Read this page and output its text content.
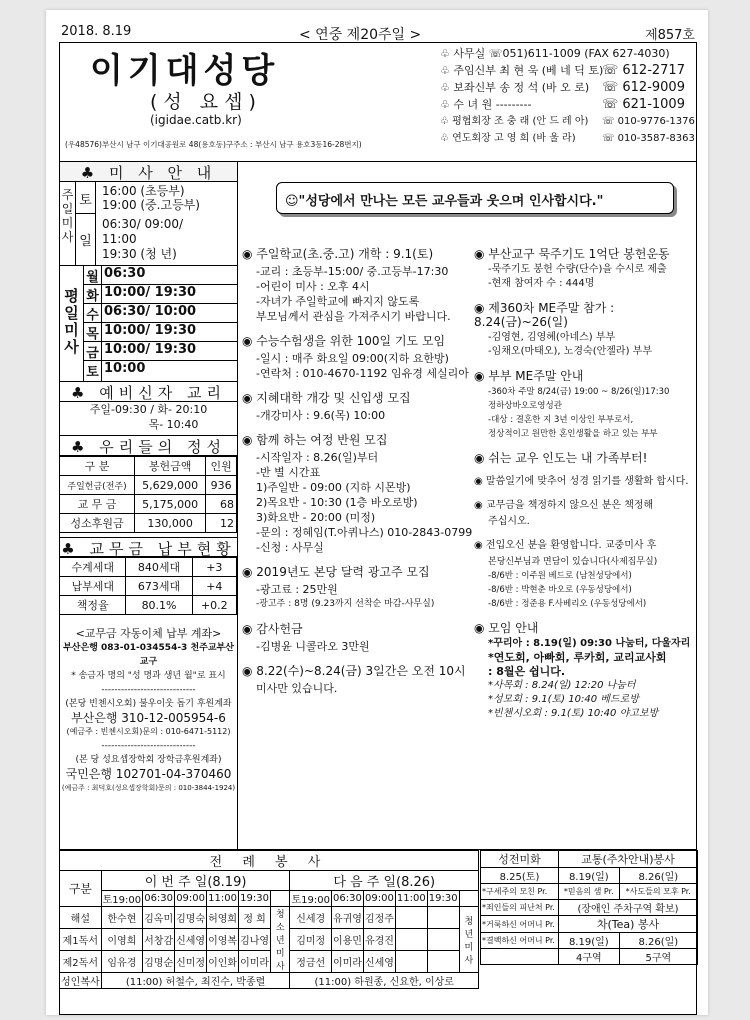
2018. 8.19	< 연중 제20주일 >	제857호
이기대성당
(성 요셉)
(igidae.catb.kr)
(우48576)부산시 남구 이기대공원로 48(용호동)구주소 : 부산시 남구 용호3동16-28번지)
♧ 사무실 ☏051)611-1009 (FAX 627-4030)
♧ 주임신부 최 현 욱 (베 네 딕 토)
☏ 612-2717
♧ 보좌신부 송 정 석 (바 오 로) ☏ 612-9009
♧ 수 녀 원 ---------	☏ 621-1009
♧ 평협회장 조 충 래 (안 드 레 아) ☏ 010-9776-1376
♧ 연도회장 고 영 희 (바 울 라)	☏ 010-3587-8363
♣ 미 사 안 내
주일미사
토
16:00 (초등부)
19:00 (중.고등부)
일
06:30/ 09:00/
11:00
19:30 (청 년)
평일미사
월 06:30
화 10:00/ 19:30
수 06:30/ 10:00
목 10:00/ 19:30
금 10:00/ 19:30
토 10:00
♣ 예비신자 교리
주일-09:30 / 화- 20:10
목- 10:40
♣ 우리들의 정성
구 분	봉헌금액	인원
주일헌금(전주)	5,629,000	936
교 무 금	5,175,000	68
성소후원금	130,000	12
♣ 교무금 납부현황
수계세대	840세대	+3
납부세대	673세대	+4
책정율	80.1%	+0.2
<교무금 자동이체 납부 계좌>
부산은행 083-01-034554-3 천주교부산교구
* 송금자 명의 "성 명과 생년 월"로 표시
-----------------------------
(본당 빈첸시오회) 불우이웃 돕기 후원계좌
부산은행 310-12-005954-6
(예금주 : 빈첸시오회)문의 : 010-6471-5112)
-----------------------------
(본 당 성요셉장학회 장학금후원계좌)
국민은행 102701-04-370460
(예금주 : 최덕호(성요셉장학회)문의 : 010-3844-1924)
☺"성당에서 만나는 모든 교우들과 웃으며 인사합시다."
◉ 주일학교(초.중.고) 개학 : 9.1(토)
-교리 : 초등부-15:00/ 중.고등부-17:30
-어린이 미사 : 오후 4시
-자녀가 주일학교에 빠지지 않도록
부모님께서 관심을 가져주시기 바랍니다.
◉ 수능수험생을 위한 100일 기도 모임
-일시 : 매주 화요일 09:00(지하 요한방)
-연락처 : 010-4670-1192 임유경 세실리아
◉ 지혜대학 개강 및 신입생 모집
-개강미사 : 9.6(목) 10:00
◉ 함께 하는 여정 반원 모집
-시작일자 : 8.26(일)부터
-반 별 시간표
1)주일반 - 09:00 (지하 시몬방)
2)목요반 - 10:30 (1층 바오로방)
3)화요반 - 20:00 (미정)
-문의 : 정혜임(T.아퀴나스) 010-2843-0799
-신청 : 사무실
◉ 2019년도 본당 달력 광고주 모집
-광고료 : 25만원
-광고주 : 8명 (9.23까지 선착순 마감-사무실)
◉ 감사헌금
-김병윤 니콜라오 3만원
◉ 8.22(수)~8.24(금) 3일간은 오전 10시
미사만 있습니다.
◉ 부산교구 묵주기도 1억단 봉헌운동
-묵주기도 봉헌 수량(단수)을 수시로 제출
-현재 참여자 수 : 444명
◉ 제360차 ME주말 참가 : 8.24(금)~26(일)
-김영현, 김영혜(아네스) 부부
-임채오(마태오), 노경숙(안젤라) 부부
◉ 부부 ME주말 안내
-360차 주말 8/24(금) 19:00 ~ 8/26(일)17:30
정하상바오로영성관
-대상 : 결혼한 지 3년 이상인 부부로서,
정상적이고 원만한 혼인생활을 하고 있는 부부
◉ 쉬는 교우 인도는 내 가족부터!
◉ 말씀일기에 맞추어 성경 읽기를 생활화 합시다.
◉ 교무금을 책정하지 않으신 분은 책정해
주십시오.
◉ 전입오신 분을 환영합니다. 교중미사 후
본당신부님과 면담이 있습니다(사제집무실)
-8/6반 : 이주원 베드로 (남천성당에서)
-8/6반 : 박현춘 바오로 (우동성당에서)
-8/6반 : 정준용 F.사베리오 (우동성당에서)
◉ 모임 안내
*꾸리아 : 8.19(일) 09:30 나눔터, 다울자리
*연도회, 아빠회, 루카회, 교리교사회
: 8월은 쉽니다.
*사목회 : 8.24(일) 12:20 나눔터
*성모회 : 9.1(토) 10:40 베드로방
*빈첸시오회 : 9.1(토) 10:40 야고보방
전 례 봉 사												
구분	이 번 주 일(8.19)						다 음 주 일(8.26)					
	토19:00	06:30	09:00	11:00	19:30		토19:00	06:30	09:00	11:00	19:30	
해설	한수현	김옥미	김명숙	허영희	정 희	청소년미사	신세경	유귀영	김정주			청년미사
제1독서	이영희	서창감	신세영	이영복	김나영		김미정	이용민	유경진			
제2독서	임유경	김명순	신미정	이인화	이미라		정금선	이미라	신세영			
성인복사	(11:00) 허철수, 최진수, 박종렬						(11:00) 하원종, 신요한, 이상로					
성전미화	교통(주차안내)봉사	
8.25(토)	8.19(일)	8.26(일)
*구세주의 모친 Pr.	*믿음의 샘 Pr.	*사도들의 모후 Pr.
*죄인들의 피난처 Pr.	(장애인 주차구역 확보)	
*거룩하신 어머니 Pr.	차(Tea) 봉사	
*결백하신 어머니 Pr.	8.19(일)	8.26(일)
	4구역	5구역
